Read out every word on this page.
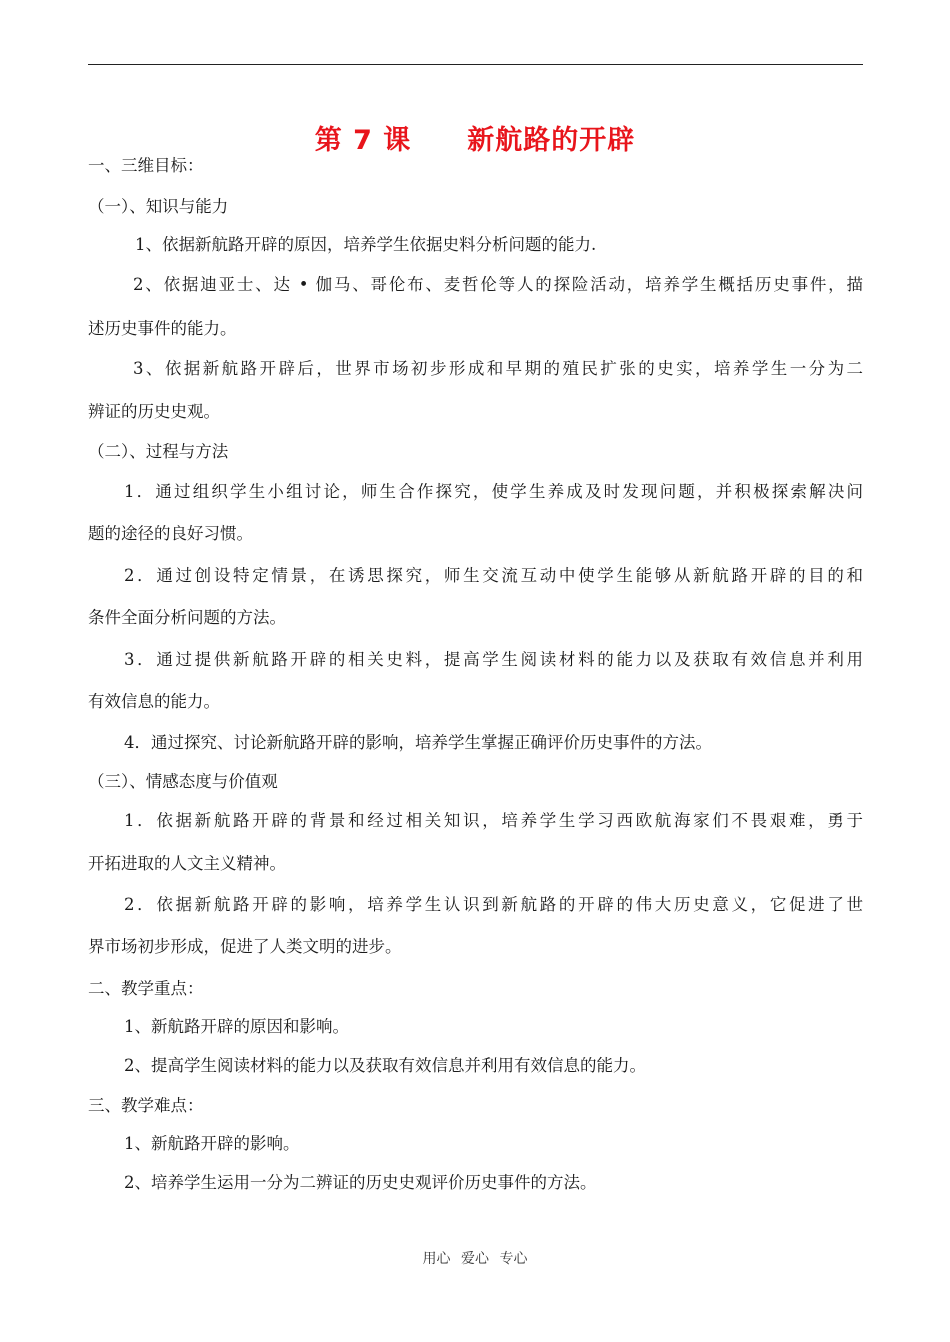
第 7 课 新航路的开辟
一、三维目标：
（一）、知识与能力
1、依据新航路开辟的原因，培养学生依据史料分析问题的能力.
2、依据迪亚士、达 • 伽马、哥伦布、麦哲伦等人的探险活动，培养学生概括历史事件，描
述历史事件的能力。
3、依据新航路开辟后，世界市场初步形成和早期的殖民扩张的史实，培养学生一分为二
辨证的历史史观。
（二）、过程与方法
1．通过组织学生小组讨论，师生合作探究，使学生养成及时发现问题，并积极探索解决问
题的途径的良好习惯。
2．通过创设特定情景，在诱思探究，师生交流互动中使学生能够从新航路开辟的目的和
条件全面分析问题的方法。
3．通过提供新航路开辟的相关史料，提高学生阅读材料的能力以及获取有效信息并利用
有效信息的能力。
4．通过探究、讨论新航路开辟的影响，培养学生掌握正确评价历史事件的方法。
（三）、情感态度与价值观
1．依据新航路开辟的背景和经过相关知识，培养学生学习西欧航海家们不畏艰难，勇于
开拓进取的人文主义精神。
2．依据新航路开辟的影响，培养学生认识到新航路的开辟的伟大历史意义，它促进了世
界市场初步形成，促进了人类文明的进步。
二、教学重点：
1、新航路开辟的原因和影响。
2、提高学生阅读材料的能力以及获取有效信息并利用有效信息的能力。
三、教学难点：
1、新航路开辟的影响。
2、培养学生运用一分为二辨证的历史史观评价历史事件的方法。
用心 爱心 专心
